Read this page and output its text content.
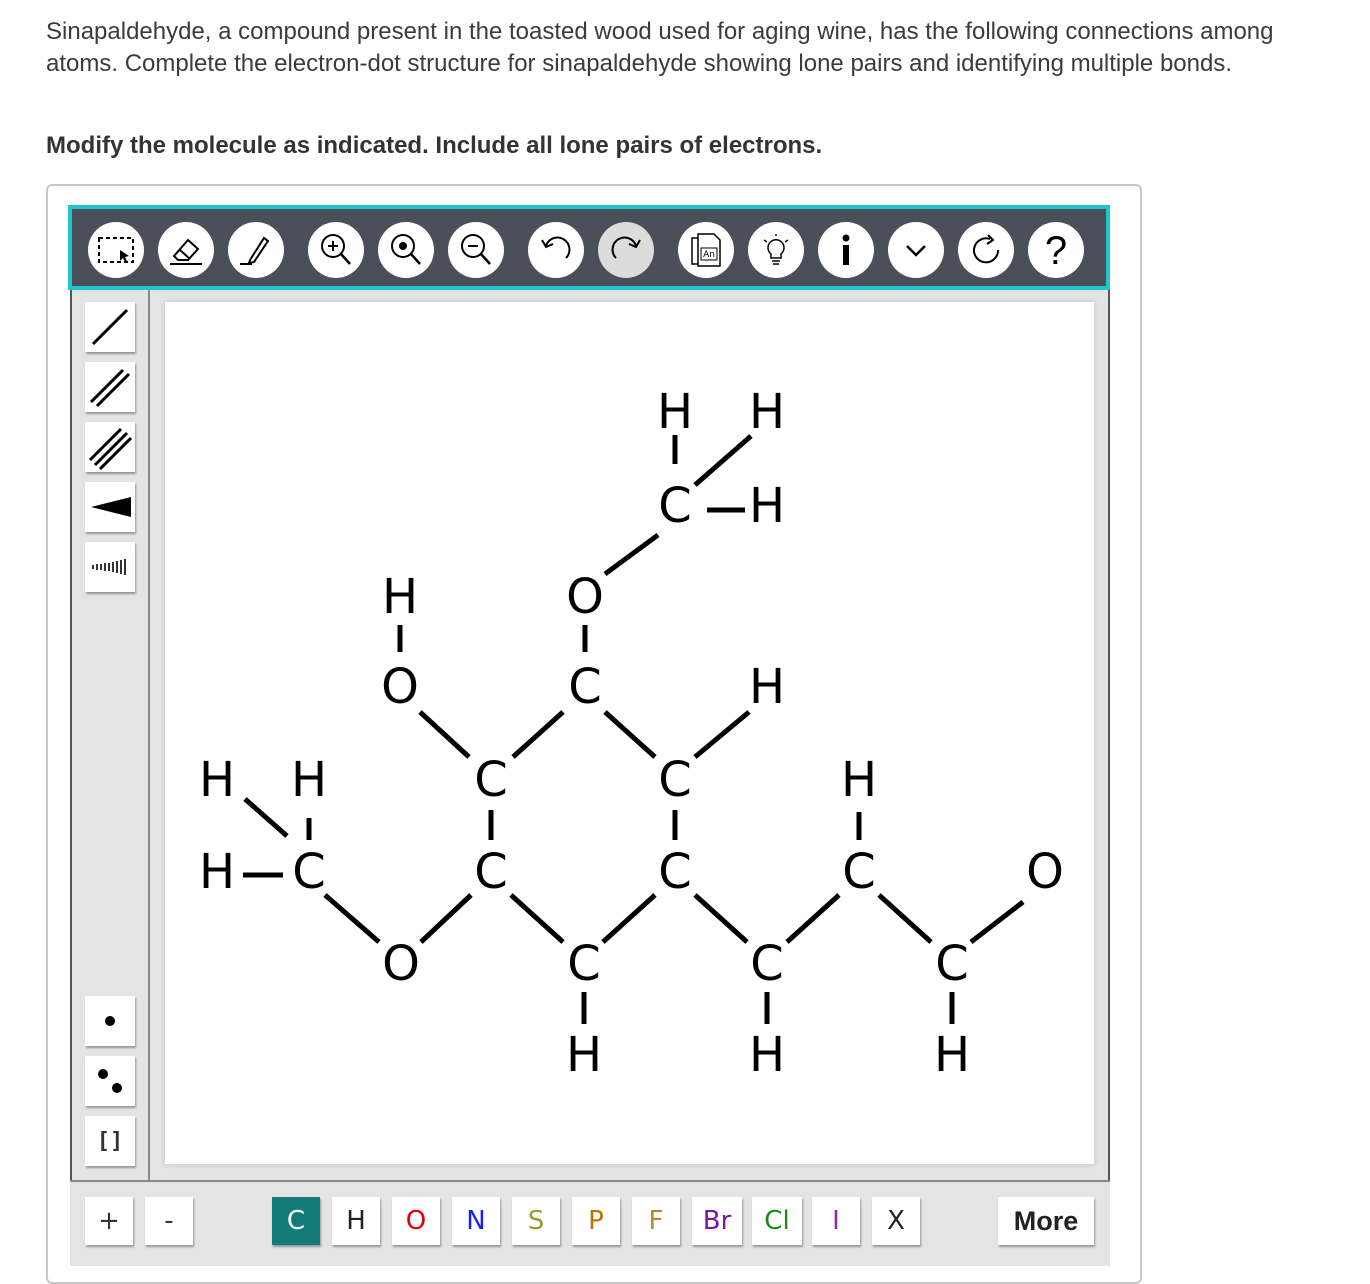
Sinapaldehyde, a compound present in the toasted wood used for aging wine, has the following connections among atoms. Complete the electron-dot structure for sinapaldehyde showing lone pairs and identifying multiple bonds.
Modify the molecule as indicated. Include all lone pairs of electrons.
An	?
[]
H H
C H
O
C	H
H
O
C	C	H
H H
C	C	C
H	C	O
O	C	C	C
H	H	H
+	-	C	H	O	N	S	P	F	Br	Cl	I	X	More
